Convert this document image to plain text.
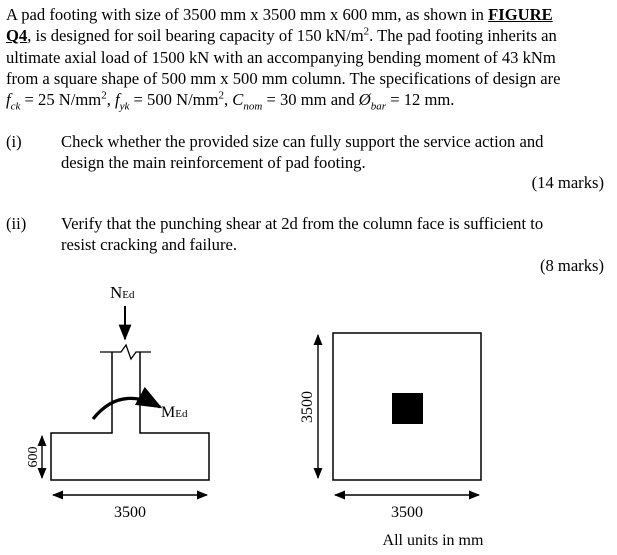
A pad footing with size of 3500 mm x 3500 mm x 600 mm, as shown in FIGURE
Q4, is designed for soil bearing capacity of 150 $kN/m^2$. The pad footing inherits an
ultimate axial load of 1500 kN with an accompanying bending moment of 43 kNm
from a square shape of 500 mm x 500 mm column. The specifications of design are
$f_{ck} = 25$ $N/mm^2$, $f_{yk} = 500$ $N/mm^2$, $C_{nom} = 30$ mm and $Ø_{bar} = 12$ mm.
(i) Check whether the provided size can fully support the service action and
design the main reinforcement of pad footing.
(14 marks)
(ii) Verify that the punching shear at 2d from the column face is sufficient to
resist cracking and failure.
(8 marks)
NEd
MEd
600
3500
3500
3500
All units in mm
